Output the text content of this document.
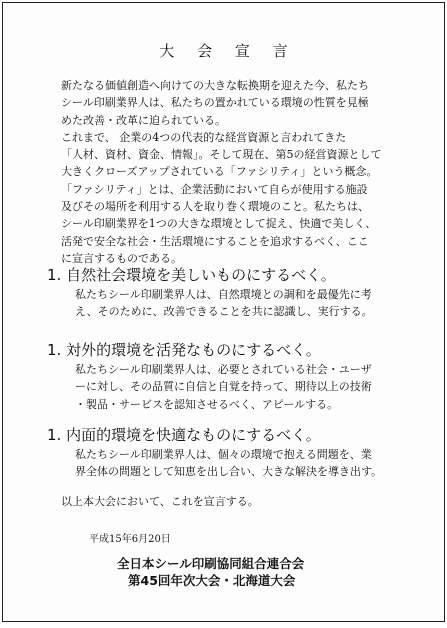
大 会 宣 言
新たなる価値創造へ向けての大きな転換期を迎えた今、私たち
シール印刷業界人は、私たちの置かれている環境の性質を見極
めた改善・改革に迫られている。
これまで、 企業の4つの代表的な経営資源と言われてきた
「人材、資材、資金、情報」。そして現在、第5の経営資源として
大きくクローズアップされている「ファシリティ」という概念。
「ファシリティ」とは、企業活動において自らが使用する施設
及びその場所を利用する人を取り巻く環境のこと。私たちは、
シール印刷業界を1つの大きな環境として捉え、快適で美しく、
活発で安全な社会・生活環境にすることを追求するべく、ここ
に宣言するものである。
1. 自然社会環境を美しいものにするべく。
私たちシール印刷業界人は、自然環境との調和を最優先に考
え、そのために、改善できることを共に認識し、実行する。
1. 対外的環境を活発なものにするべく。
私たちシール印刷業界人は、必要とされている社会・ユーザ
ーに対し、その品質に自信と自覚を持って、期待以上の技術
・製品・サービスを認知させるべく、アピールする。
1. 内面的環境を快適なものにするべく。
私たちシール印刷業界人は、個々の環境で抱える問題を、業
界全体の問題として知恵を出し合い、大きな解決を導き出す。
以上本大会において、これを宣言する。
平成15年6月20日
全日本シール印刷協同組合連合会
第45回年次大会・北海道大会
